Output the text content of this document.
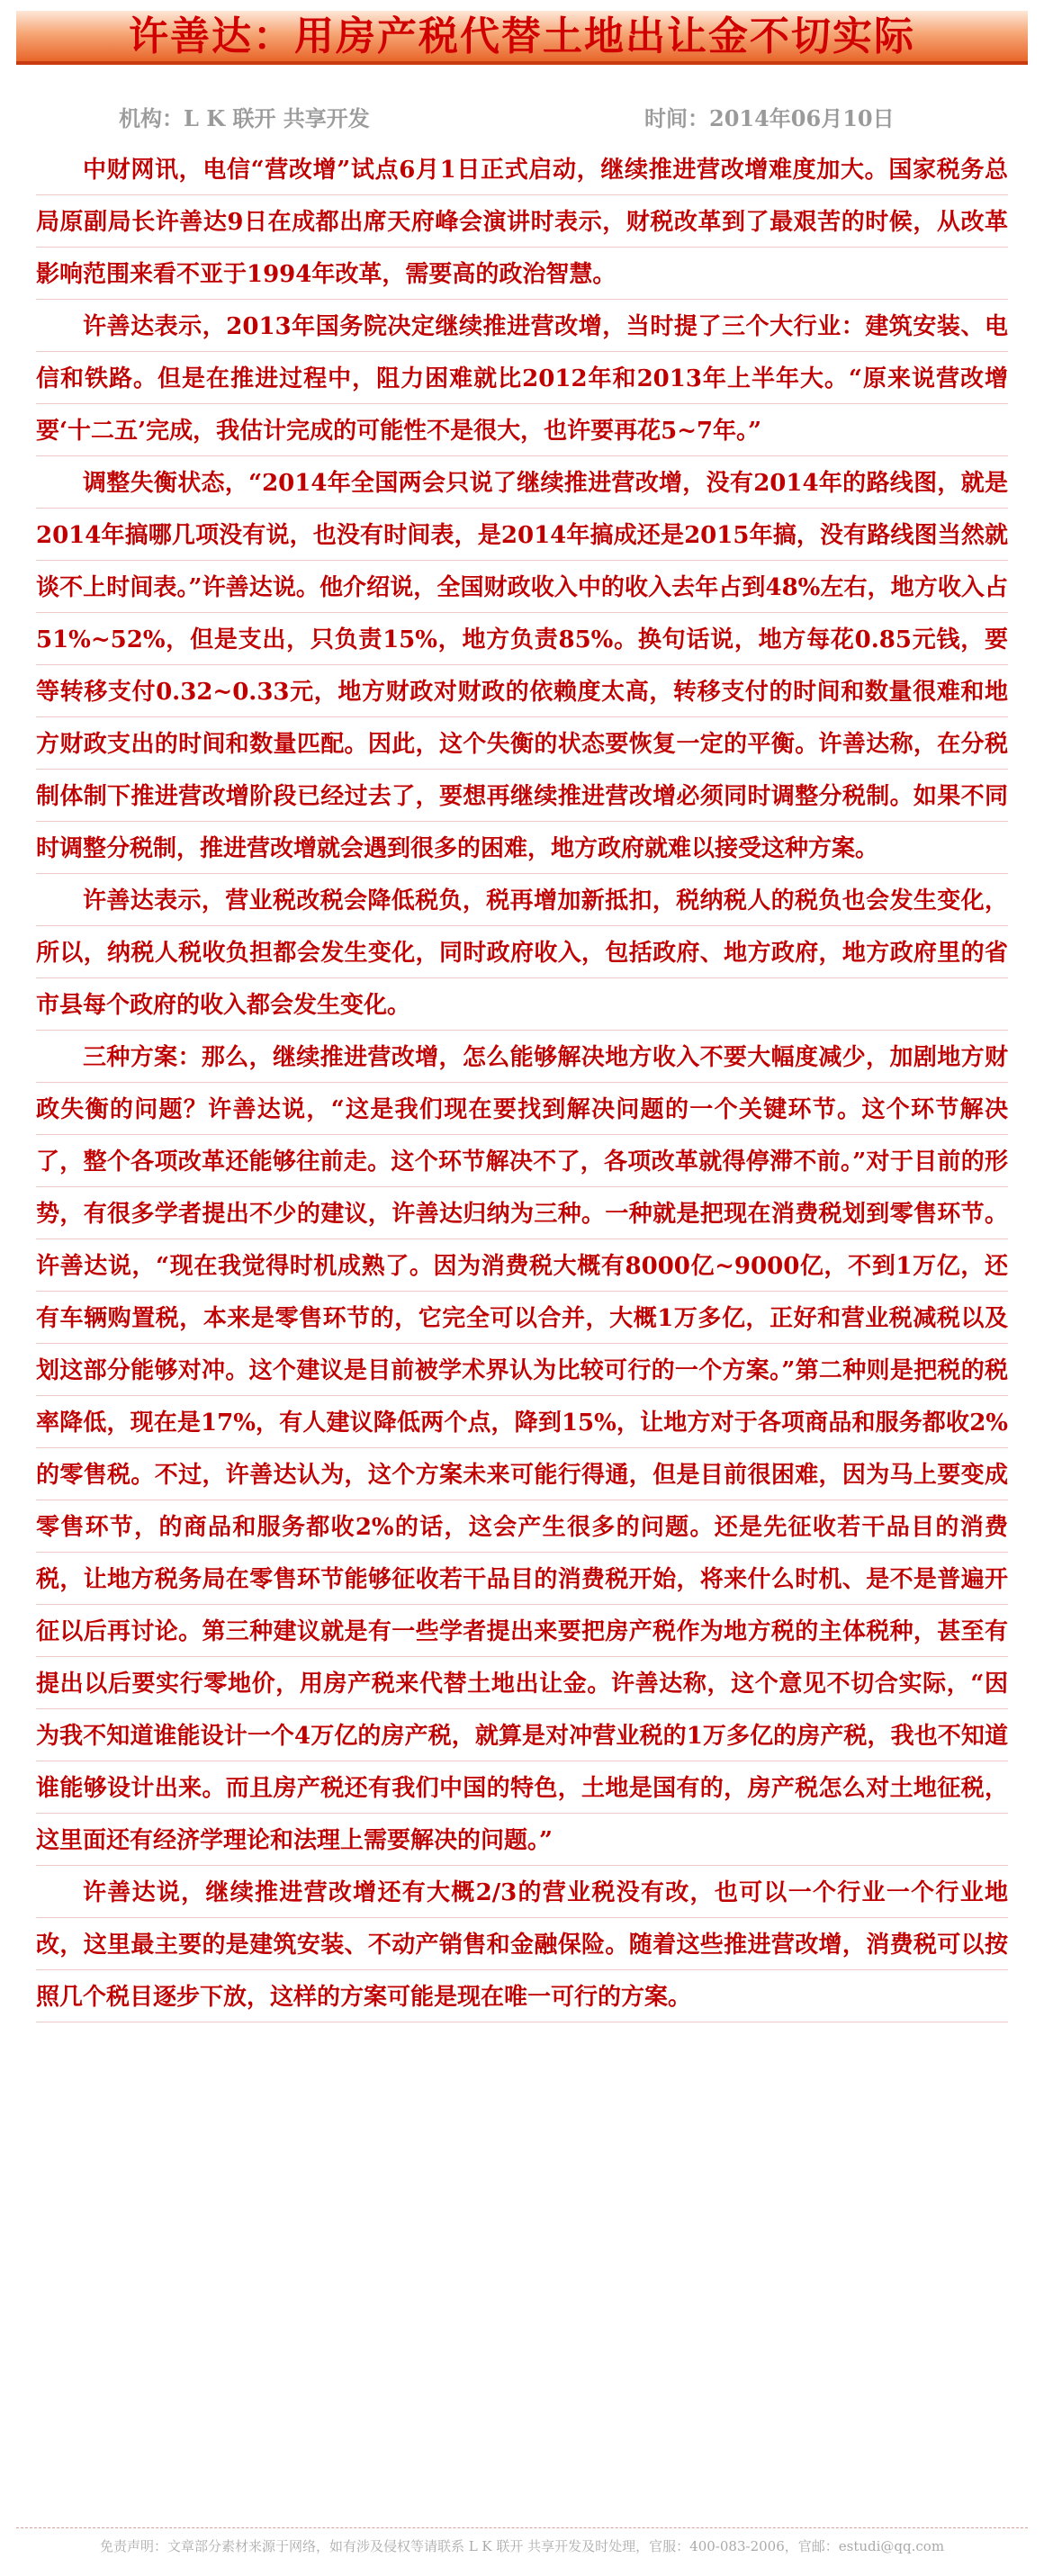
许善达：用房产税代替土地出让金不切实际
机构：L K 联开 共享开发	时间：2014年06月10日

中财网讯，电信“营改增”试点6月1日正式启动，继续推进营改增难度加大。国家税务总局原副局长许善达9日在成都出席天府峰会演讲时表示，财税改革到了最艰苦的时候，从改革影响范围来看不亚于1994年改革，需要高的政治智慧。

许善达表示，2013年国务院决定继续推进营改增，当时提了三个大行业：建筑安装、电信和铁路。但是在推进过程中，阻力困难就比2012年和2013年上半年大。“原来说营改增要‘十二五’完成，我估计完成的可能性不是很大，也许要再花5~7年。”

调整失衡状态，“2014年全国两会只说了继续推进营改增，没有2014年的路线图，就是2014年搞哪几项没有说，也没有时间表，是2014年搞成还是2015年搞，没有路线图当然就谈不上时间表。”许善达说。他介绍说，全国财政收入中的收入去年占到48%左右，地方收入占51%~52%，但是支出，只负责15%，地方负责85%。换句话说，地方每花0.85元钱，要等转移支付0.32~0.33元，地方财政对财政的依赖度太高，转移支付的时间和数量很难和地方财政支出的时间和数量匹配。因此，这个失衡的状态要恢复一定的平衡。许善达称，在分税制体制下推进营改增阶段已经过去了，要想再继续推进营改增必须同时调整分税制。如果不同时调整分税制，推进营改增就会遇到很多的困难，地方政府就难以接受这种方案。

许善达表示，营业税改税会降低税负，税再增加新抵扣，税纳税人的税负也会发生变化，所以，纳税人税收负担都会发生变化，同时政府收入，包括政府、地方政府，地方政府里的省市县每个政府的收入都会发生变化。

三种方案：那么，继续推进营改增，怎么能够解决地方收入不要大幅度减少，加剧地方财政失衡的问题？许善达说，“这是我们现在要找到解决问题的一个关键环节。这个环节解决了，整个各项改革还能够往前走。这个环节解决不了，各项改革就得停滞不前。”对于目前的形势，有很多学者提出不少的建议，许善达归纳为三种。一种就是把现在消费税划到零售环节。许善达说，“现在我觉得时机成熟了。因为消费税大概有8000亿~9000亿，不到1万亿，还有车辆购置税，本来是零售环节的，它完全可以合并，大概1万多亿，正好和营业税减税以及划这部分能够对冲。这个建议是目前被学术界认为比较可行的一个方案。”第二种则是把税的税率降低，现在是17%，有人建议降低两个点，降到15%，让地方对于各项商品和服务都收2%的零售税。不过，许善达认为，这个方案未来可能行得通，但是目前很困难，因为马上要变成零售环节，的商品和服务都收2%的话，这会产生很多的问题。还是先征收若干品目的消费税，让地方税务局在零售环节能够征收若干品目的消费税开始，将来什么时机、是不是普遍开征以后再讨论。第三种建议就是有一些学者提出来要把房产税作为地方税的主体税种，甚至有提出以后要实行零地价，用房产税来代替土地出让金。许善达称，这个意见不切合实际，“因为我不知道谁能设计一个4万亿的房产税，就算是对冲营业税的1万多亿的房产税，我也不知道谁能够设计出来。而且房产税还有我们中国的特色，土地是国有的，房产税怎么对土地征税，这里面还有经济学理论和法理上需要解决的问题。”

许善达说，继续推进营改增还有大概2/3的营业税没有改，也可以一个行业一个行业地改，这里最主要的是建筑安装、不动产销售和金融保险。随着这些推进营改增，消费税可以按照几个税目逐步下放，这样的方案可能是现在唯一可行的方案。

免责声明：文章部分素材来源于网络，如有涉及侵权等请联系 L K 联开 共享开发及时处理，官服：400-083-2006，官邮：estudi@qq.com
